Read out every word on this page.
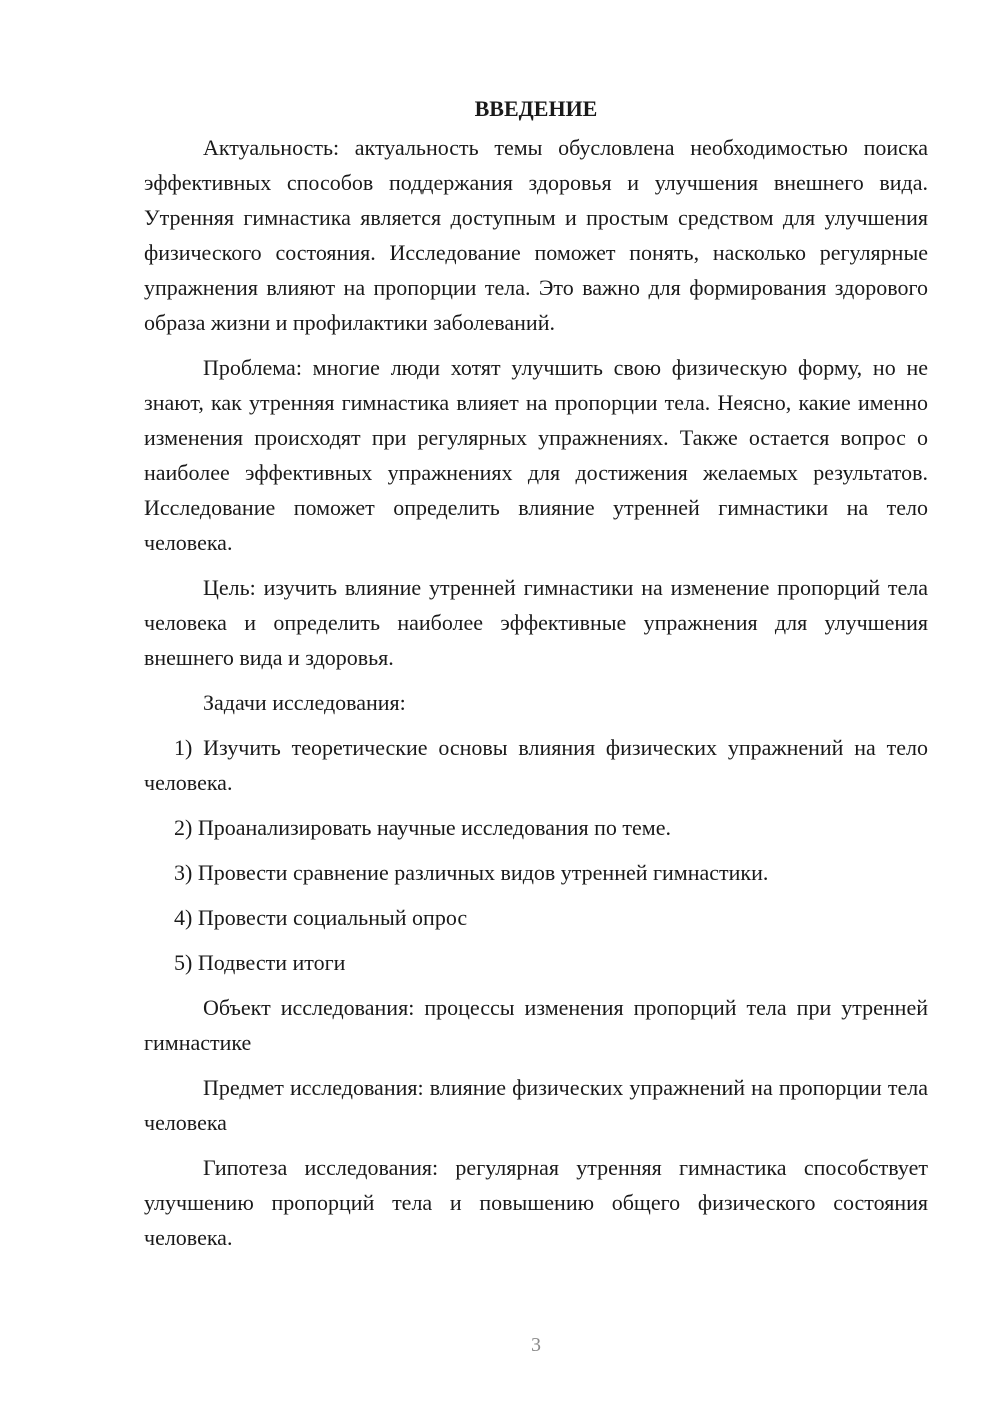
ВВЕДЕНИЕ

Актуальность: актуальность темы обусловлена необходимостью поиска эффективных способов поддержания здоровья и улучшения внешнего вида. Утренняя гимнастика является доступным и простым средством для улучшения физического состояния. Исследование поможет понять, насколько регулярные упражнения влияют на пропорции тела. Это важно для формирования здорового образа жизни и профилактики заболеваний.

Проблема: многие люди хотят улучшить свою физическую форму, но не знают, как утренняя гимнастика влияет на пропорции тела. Неясно, какие именно изменения происходят при регулярных упражнениях. Также остается вопрос о наиболее эффективных упражнениях для достижения желаемых результатов. Исследование поможет определить влияние утренней гимнастики на тело человека.

Цель: изучить влияние утренней гимнастики на изменение пропорций тела человека и определить наиболее эффективные упражнения для улучшения внешнего вида и здоровья.

Задачи исследования:

1) Изучить теоретические основы влияния физических упражнений на тело человека.

2) Проанализировать научные исследования по теме.

3) Провести сравнение различных видов утренней гимнастики.

4) Провести социальный опрос

5) Подвести итоги

Объект исследования: процессы изменения пропорций тела при утренней гимнастике

Предмет исследования: влияние физических упражнений на пропорции тела человека

Гипотеза исследования: регулярная утренняя гимнастика способствует улучшению пропорций тела и повышению общего физического состояния человека.

3
